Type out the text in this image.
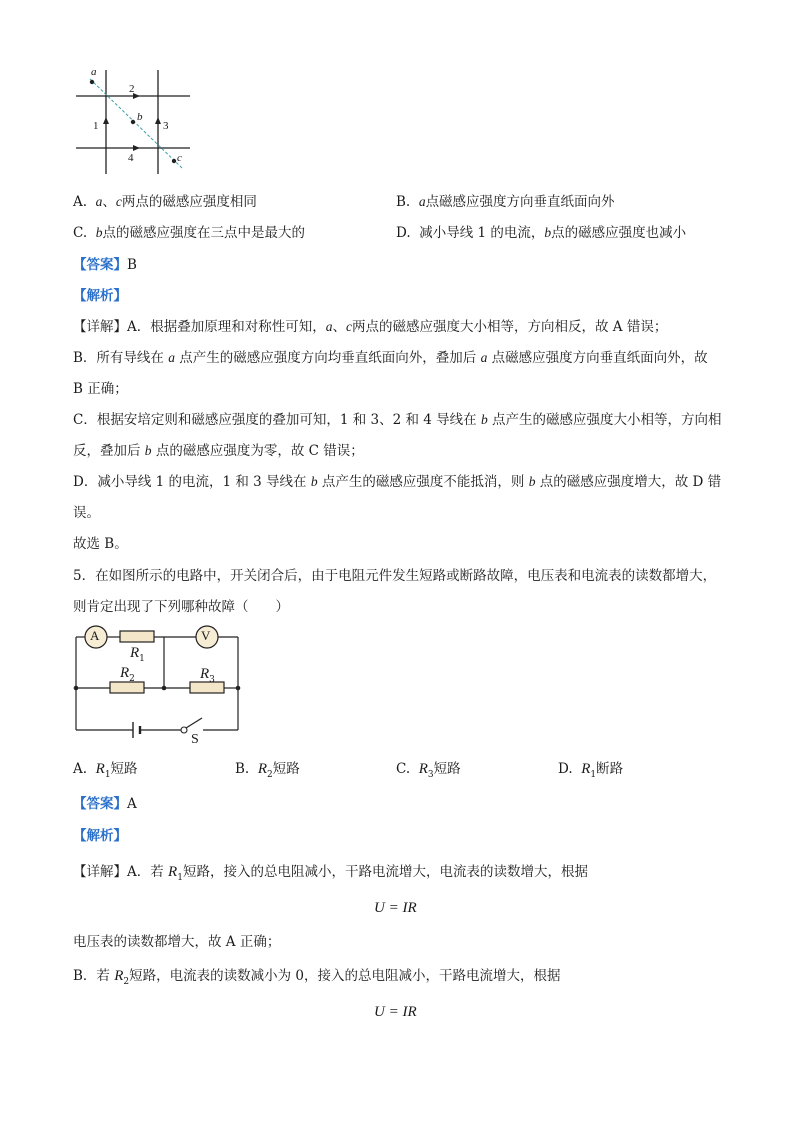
a
b
c
1
2
3
4
A. a、c两点的磁感应强度相同	B. a点磁感应强度方向垂直纸面向外
C. b点的磁感应强度在三点中是最大的	D. 减小导线 1 的电流，b点的磁感应强度也减小
【答案】B
【解析】
【详解】A．根据叠加原理和对称性可知，a、c两点的磁感应强度大小相等，方向相反，故 A 错误；
B．所有导线在 a 点产生的磁感应强度方向均垂直纸面向外，叠加后 a 点磁感应强度方向垂直纸面向外，故
B 正确；
C．根据安培定则和磁感应强度的叠加可知，1 和 3、2 和 4 导线在 b 点产生的磁感应强度大小相等，方向相
反，叠加后 b 点的磁感应强度为零，故 C 错误；
D．减小导线 1 的电流，1 和 3 导线在 b 点产生的磁感应强度不能抵消，则 b 点的磁感应强度增大，故 D 错
误。
故选 B。
5．在如图所示的电路中，开关闭合后，由于电阻元件发生短路或断路故障，电压表和电流表的读数都增大，
则肯定出现了下列哪种故障（　　）
A	V
$R_1$
$R_2$	$R_3$
S
A. $R_1$短路	B. $R_2$短路	C. $R_3$短路	D. $R_1$断路
【答案】A
【解析】
【详解】A．若 $R_1$短路，接入的总电阻减小，干路电流增大，电流表的读数增大，根据
U = IR
电压表的读数都增大，故 A 正确；
B．若 $R_2$短路，电流表的读数减小为 0，接入的总电阻减小，干路电流增大，根据
U = IR
